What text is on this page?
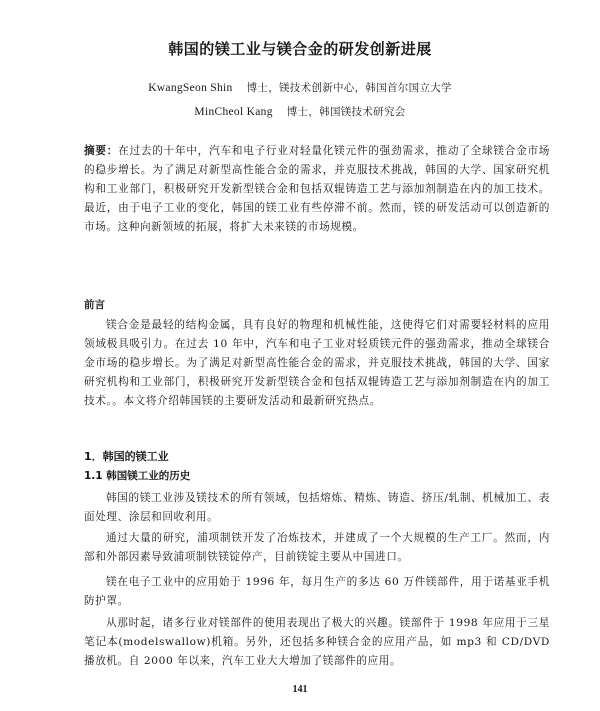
韩国的镁工业与镁合金的研发创新进展
KwangSeon Shin 博士，镁技术创新中心，韩国首尔国立大学
MinCheol Kang 博士，韩国镁技术研究会
摘要：在过去的十年中，汽车和电子行业对轻量化镁元件的强劲需求，推动了全球镁合金市场的稳步增长。为了满足对新型高性能合金的需求，并克服技术挑战，韩国的大学、国家研究机构和工业部门，积极研究开发新型镁合金和包括双辊铸造工艺与添加剂制造在内的加工技术。最近，由于电子工业的变化，韩国的镁工业有些停滞不前。然而，镁的研发活动可以创造新的市场。这种向新领域的拓展，将扩大未来镁的市场规模。
前言
镁合金是最轻的结构金属，具有良好的物理和机械性能，这使得它们对需要轻材料的应用领域极具吸引力。在过去 10 年中，汽车和电子工业对轻质镁元件的强劲需求，推动全球镁合金市场的稳步增长。为了满足对新型高性能合金的需求，并克服技术挑战，韩国的大学、国家研究机构和工业部门，积极研究开发新型镁合金和包括双辊铸造工艺与添加剂制造在内的加工技术。。本文将介绍韩国镁的主要研发活动和最新研究热点。
1．韩国的镁工业
1.1 韩国镁工业的历史
韩国的镁工业涉及镁技术的所有领域，包括熔炼、精炼、铸造、挤压/轧制、机械加工、表面处理、涂层和回收利用。
通过大量的研究，浦项制铁开发了冶炼技术，并建成了一个大规模的生产工厂。然而，内部和外部因素导致浦项制铁镁锭停产，目前镁锭主要从中国进口。
镁在电子工业中的应用始于 1996 年，每月生产的多达 60 万件镁部件，用于诺基亚手机防护罩。
从那时起，诸多行业对镁部件的使用表现出了极大的兴趣。镁部件于 1998 年应用于三星笔记本(modelswallow)机箱。另外，还包括多种镁合金的应用产品，如 mp3 和 CD/DVD 播放机。自 2000 年以来，汽车工业大大增加了镁部件的应用。
141
